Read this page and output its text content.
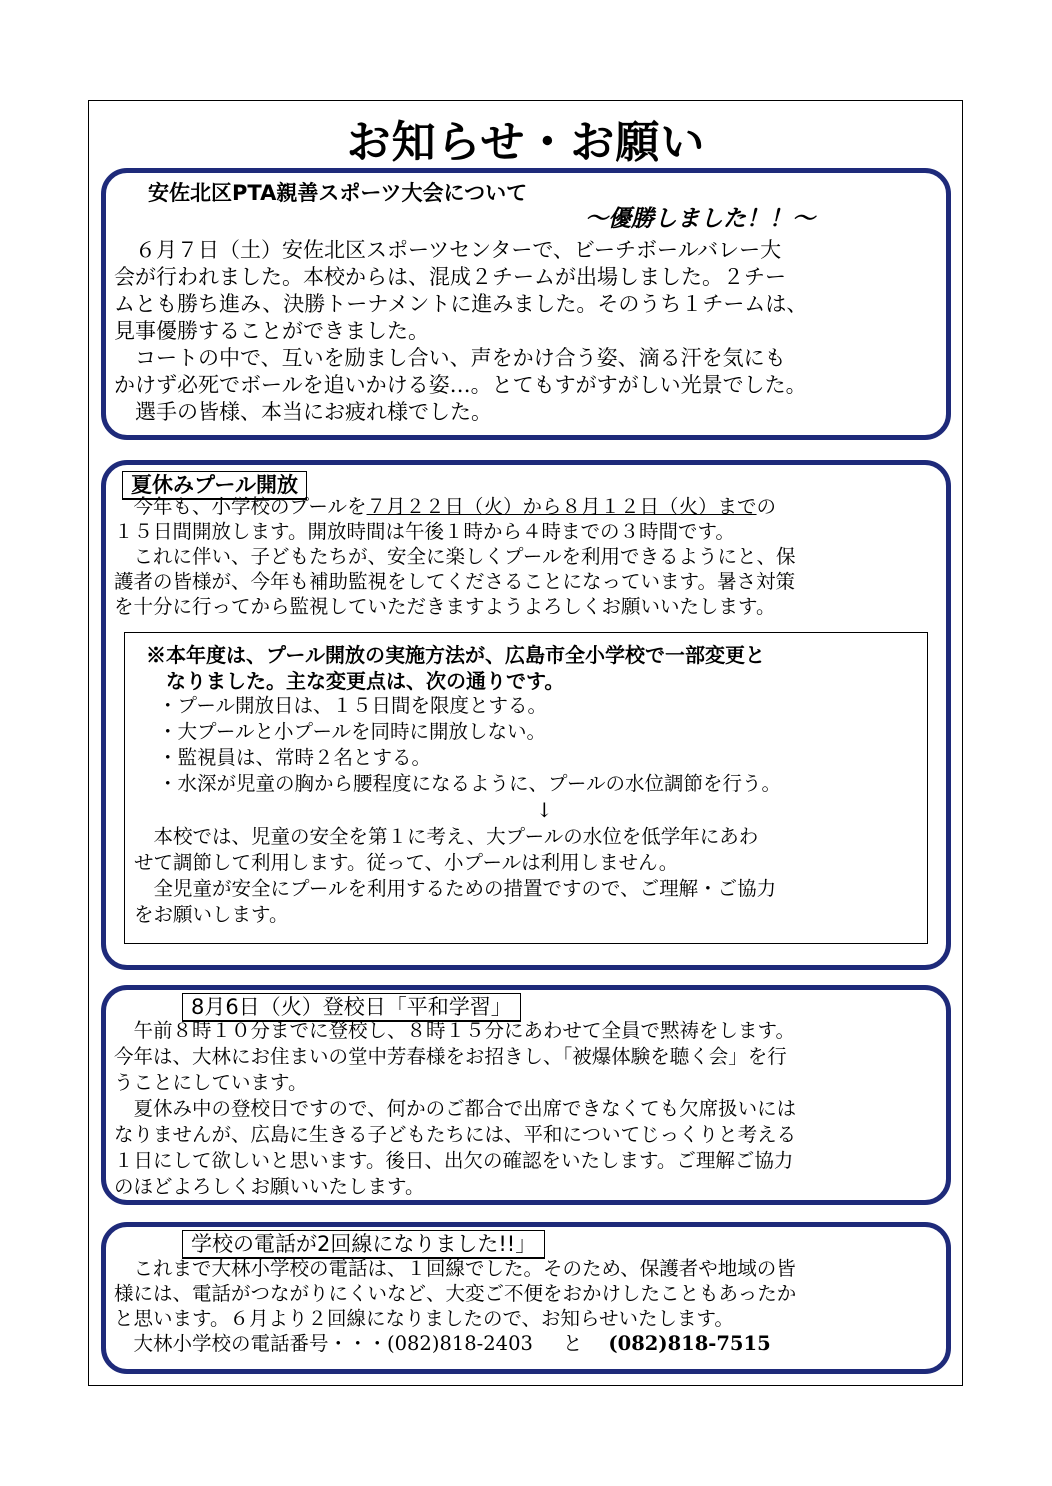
お知らせ・お願い
安佐北区PTA親善スポーツ大会について
〜優勝しました！！〜
　６月７日（土）安佐北区スポーツセンターで、ビーチボールバレー大
会が行われました。本校からは、混成２チームが出場しました。２チー
ムとも勝ち進み、決勝トーナメントに進みました。そのうち１チームは、
見事優勝することができました。
　コートの中で、互いを励まし合い、声をかけ合う姿、滴る汗を気にも
かけず必死でボールを追いかける姿…。とてもすがすがしい光景でした。
　選手の皆様、本当にお疲れ様でした。
夏休みプール開放
　今年も、小学校のプールを７月２２日（火）から８月１２日（火）までの
１５日間開放します。開放時間は午後１時から４時までの３時間です。
　これに伴い、子どもたちが、安全に楽しくプールを利用できるようにと、保
護者の皆様が、今年も補助監視をしてくださることになっています。暑さ対策
を十分に行ってから監視していただきますようよろしくお願いいたします。
※本年度は、プール開放の実施方法が、広島市全小学校で一部変更と
　なりました。主な変更点は、次の通りです。
・プール開放日は、１５日間を限度とする。
・大プールと小プールを同時に開放しない。
・監視員は、常時２名とする。
・水深が児童の胸から腰程度になるように、プールの水位調節を行う。
↓
　本校では、児童の安全を第１に考え、大プールの水位を低学年にあわ
せて調節して利用します。従って、小プールは利用しません。
　全児童が安全にプールを利用するための措置ですので、ご理解・ご協力
をお願いします。
8月6日（火）登校日「平和学習」
　午前８時１０分までに登校し、８時１５分にあわせて全員で黙祷をします。
今年は、大林にお住まいの堂中芳春様をお招きし、「被爆体験を聴く会」を行
うことにしています。
　夏休み中の登校日ですので、何かのご都合で出席できなくても欠席扱いには
なりませんが、広島に生きる子どもたちには、平和についてじっくりと考える
１日にして欲しいと思います。後日、出欠の確認をいたします。ご理解ご協力
のほどよろしくお願いいたします。
学校の電話が2回線になりました!!」
　これまで大林小学校の電話は、１回線でした。そのため、保護者や地域の皆
様には、電話がつながりにくいなど、大変ご不便をおかけしたこともあったか
と思います。６月より２回線になりましたので、お知らせいたします。
　大林小学校の電話番号・・・(082)818-2403 と (082)818-7515
